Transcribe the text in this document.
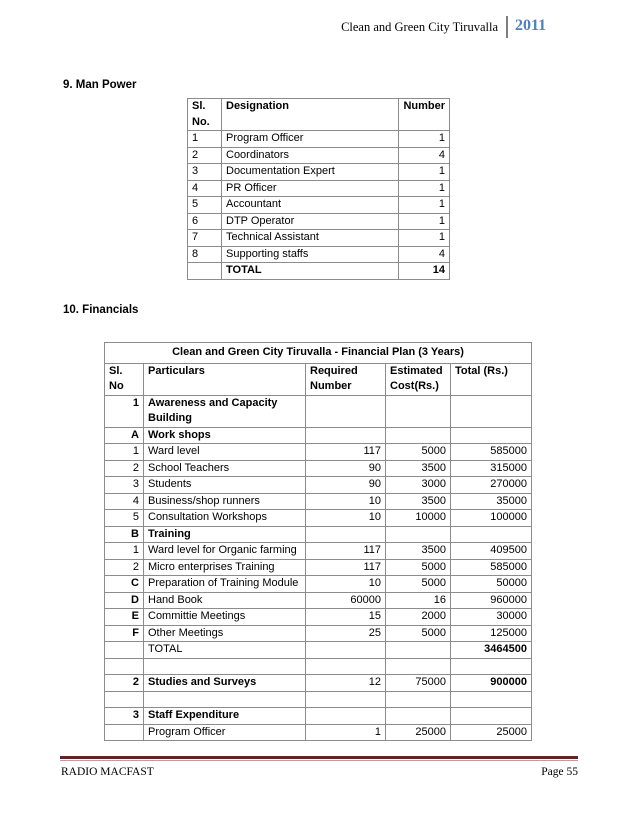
Clean and Green City Tiruvalla 2011
9. Man Power
Sl. No.	Designation	Number
1	Program Officer	1
2	Coordinators	4
3	Documentation Expert	1
4	PR Officer	1
5	Accountant	1
6	DTP Operator	1
7	Technical Assistant	1
8	Supporting staffs	4
	TOTAL	14
10. Financials
Clean and Green City Tiruvalla - Financial Plan (3 Years)				
Sl. No	Particulars	Required Number	Estimated Cost(Rs.)	Total (Rs.)
1	Awareness and Capacity Building			
A	Work shops			
1	Ward level	117	5000	585000
2	School Teachers	90	3500	315000
3	Students	90	3000	270000
4	Business/shop runners	10	3500	35000
5	Consultation Workshops	10	10000	100000
B	Training			
1	Ward level for Organic farming	117	3500	409500
2	Micro enterprises Training	117	5000	585000
C	Preparation of Training Module	10	5000	50000
D	Hand Book	60000	16	960000
E	Committie Meetings	15	2000	30000
F	Other Meetings	25	5000	125000
	TOTAL			3464500

2	Studies and Surveys	12	75000	900000

3	Staff Expenditure			
	Program Officer	1	25000	25000
RADIO MACFAST	Page 55
